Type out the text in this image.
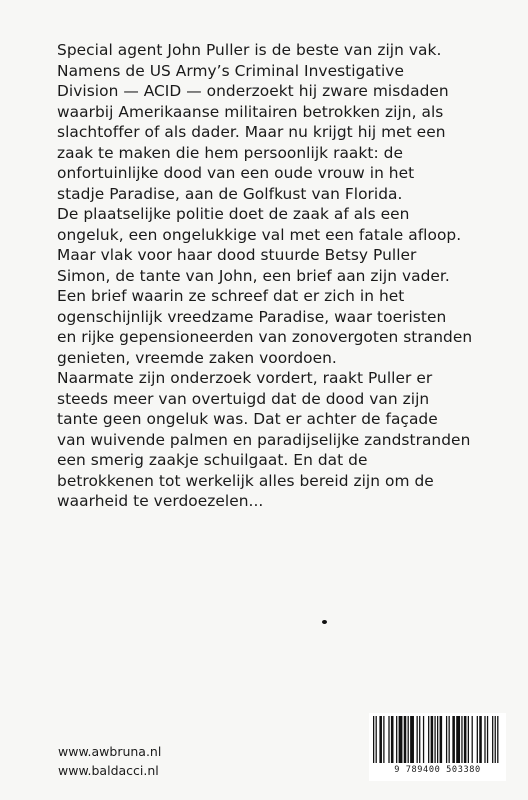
Special agent John Puller is de beste van zijn vak.
Namens de US Army’s Criminal Investigative
Division — ACID — onderzoekt hij zware misdaden
waarbij Amerikaanse militairen betrokken zijn, als
slachtoffer of als dader. Maar nu krijgt hij met een
zaak te maken die hem persoonlijk raakt: de
onfortuinlijke dood van een oude vrouw in het
stadje Paradise, aan de Golfkust van Florida.
De plaatselijke politie doet de zaak af als een
ongeluk, een ongelukkige val met een fatale afloop.
Maar vlak voor haar dood stuurde Betsy Puller
Simon, de tante van John, een brief aan zijn vader.
Een brief waarin ze schreef dat er zich in het
ogenschijnlijk vreedzame Paradise, waar toeristen
en rijke gepensioneerden van zonovergoten stranden
genieten, vreemde zaken voordoen.
Naarmate zijn onderzoek vordert, raakt Puller er
steeds meer van overtuigd dat de dood van zijn
tante geen ongeluk was. Dat er achter de façade
van wuivende palmen en paradijselijke zandstranden
een smerig zaakje schuilgaat. En dat de
betrokkenen tot werkelijk alles bereid zijn om de
waarheid te verdoezelen...
www.awbruna.nl
www.baldacci.nl	9 789400 503380
